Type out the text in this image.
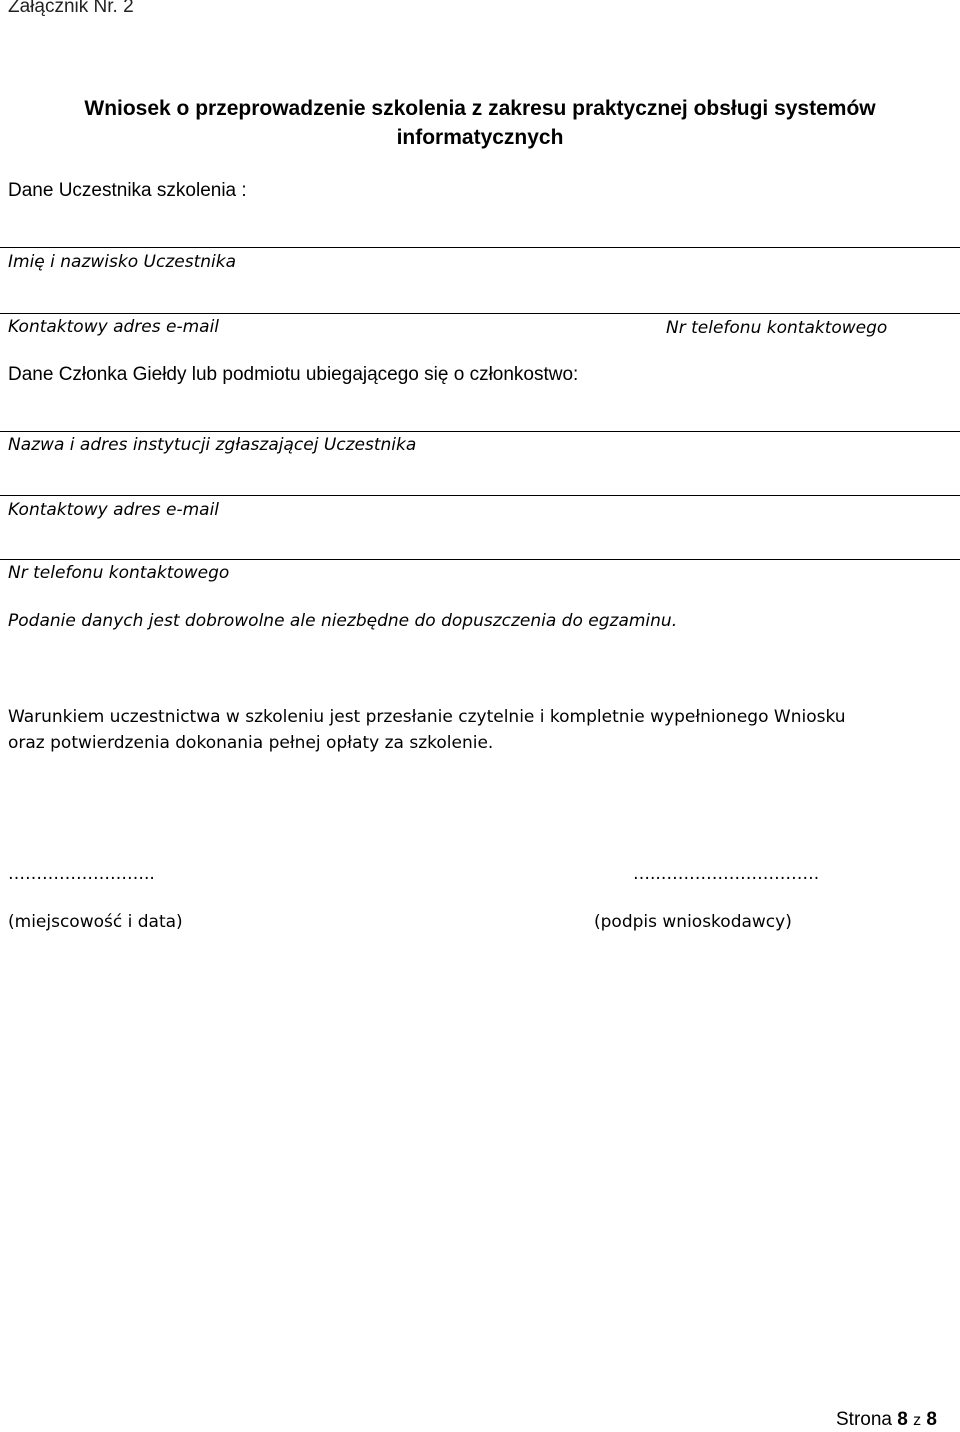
Załącznik Nr. 2
Wniosek o przeprowadzenie szkolenia z zakresu praktycznej obsługi systemów
informatycznych
Dane Uczestnika szkolenia :
Imię i nazwisko Uczestnika
Kontaktowy adres e-mail	Nr telefonu kontaktowego
Dane Członka Giełdy lub podmiotu ubiegającego się o członkostwo:
Nazwa i adres instytucji zgłaszającej Uczestnika
Kontaktowy adres e-mail
Nr telefonu kontaktowego
Podanie danych jest dobrowolne ale niezbędne do dopuszczenia do egzaminu.
Warunkiem uczestnictwa w szkoleniu jest przesłanie czytelnie i kompletnie wypełnionego Wniosku
oraz potwierdzenia dokonania pełnej opłaty za szkolenie.
……………………..
(miejscowość i data)
…..……………………….
(podpis wnioskodawcy)
Strona 8 z 8
